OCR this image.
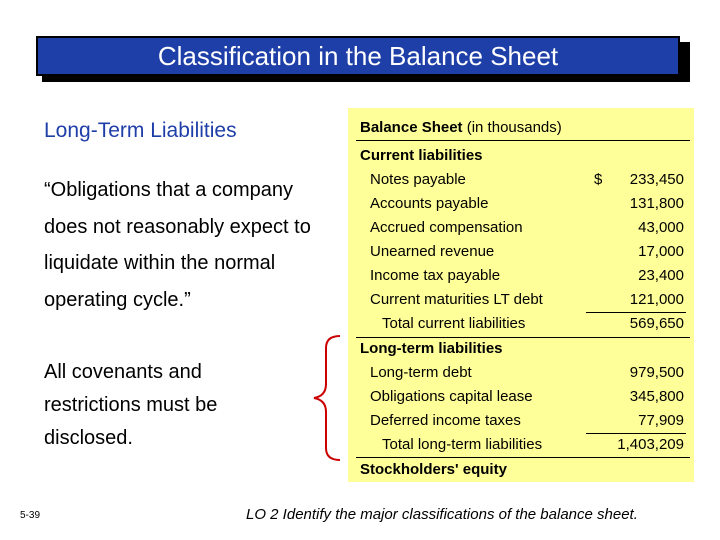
Classification in the Balance Sheet
Long-Term Liabilities
“Obligations that a company does not reasonably expect to liquidate within the normal operating cycle.”
All covenants and restrictions must be disclosed.
Balance Sheet (in thousands)
Current liabilities
Notes payable	$ 233,450
Accounts payable	131,800
Accrued compensation	43,000
Unearned revenue	17,000
Income tax payable	23,400
Current maturities LT debt	121,000
Total current liabilities	569,650
Long-term liabilities
Long-term debt	979,500
Obligations capital lease	345,800
Deferred income taxes	77,909
Total long-term liabilities	1,403,209
Stockholders' equity
5-39	LO 2 Identify the major classifications of the balance sheet.
